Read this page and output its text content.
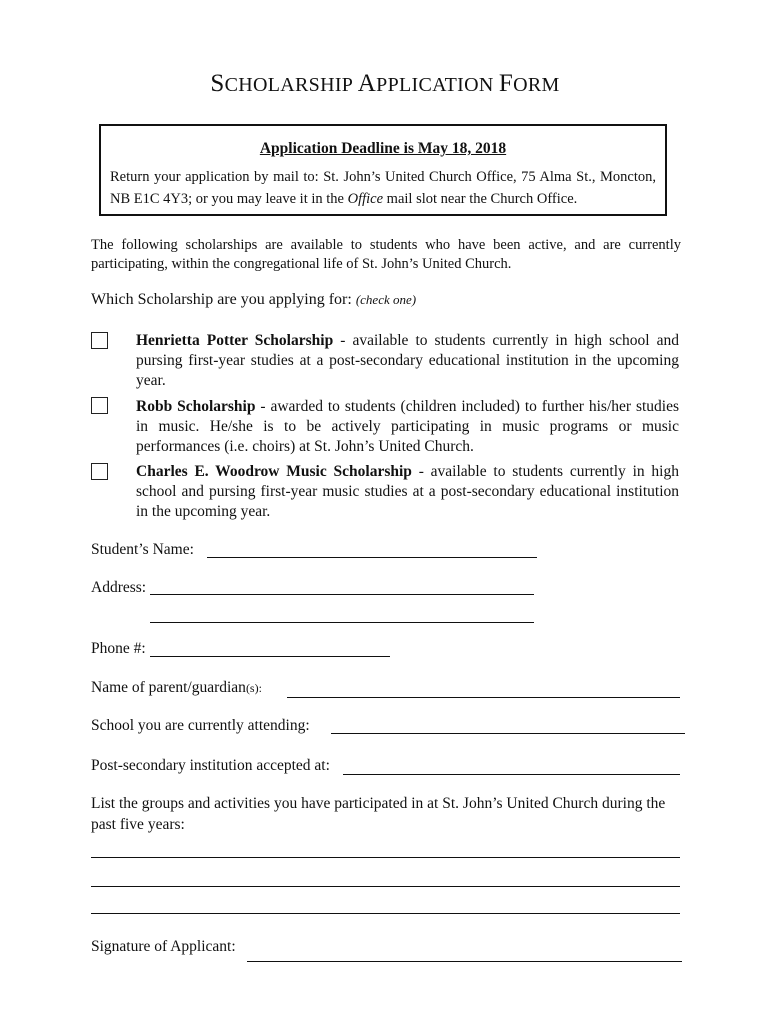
SCHOLARSHIP APPLICATION FORM
Application Deadline is May 18, 2018
Return your application by mail to: St. John’s United Church Office, 75 Alma St., Moncton, NB E1C 4Y3; or you may leave it in the Office mail slot near the Church Office.
The following scholarships are available to students who have been active, and are currently participating, within the congregational life of St. John’s United Church.
Which Scholarship are you applying for: (check one)
Henrietta Potter Scholarship - available to students currently in high school and pursing first-year studies at a post-secondary educational institution in the upcoming year.
Robb Scholarship - awarded to students (children included) to further his/her studies in music. He/she is to be actively participating in music programs or music performances (i.e. choirs) at St. John’s United Church.
Charles E. Woodrow Music Scholarship - available to students currently in high school and pursing first-year music studies at a post-secondary educational institution in the upcoming year.
Student’s Name:
Address:
Phone #:
Name of parent/guardian(s):
School you are currently attending:
Post-secondary institution accepted at:
List the groups and activities you have participated in at St. John’s United Church during the past five years:
Signature of Applicant:
